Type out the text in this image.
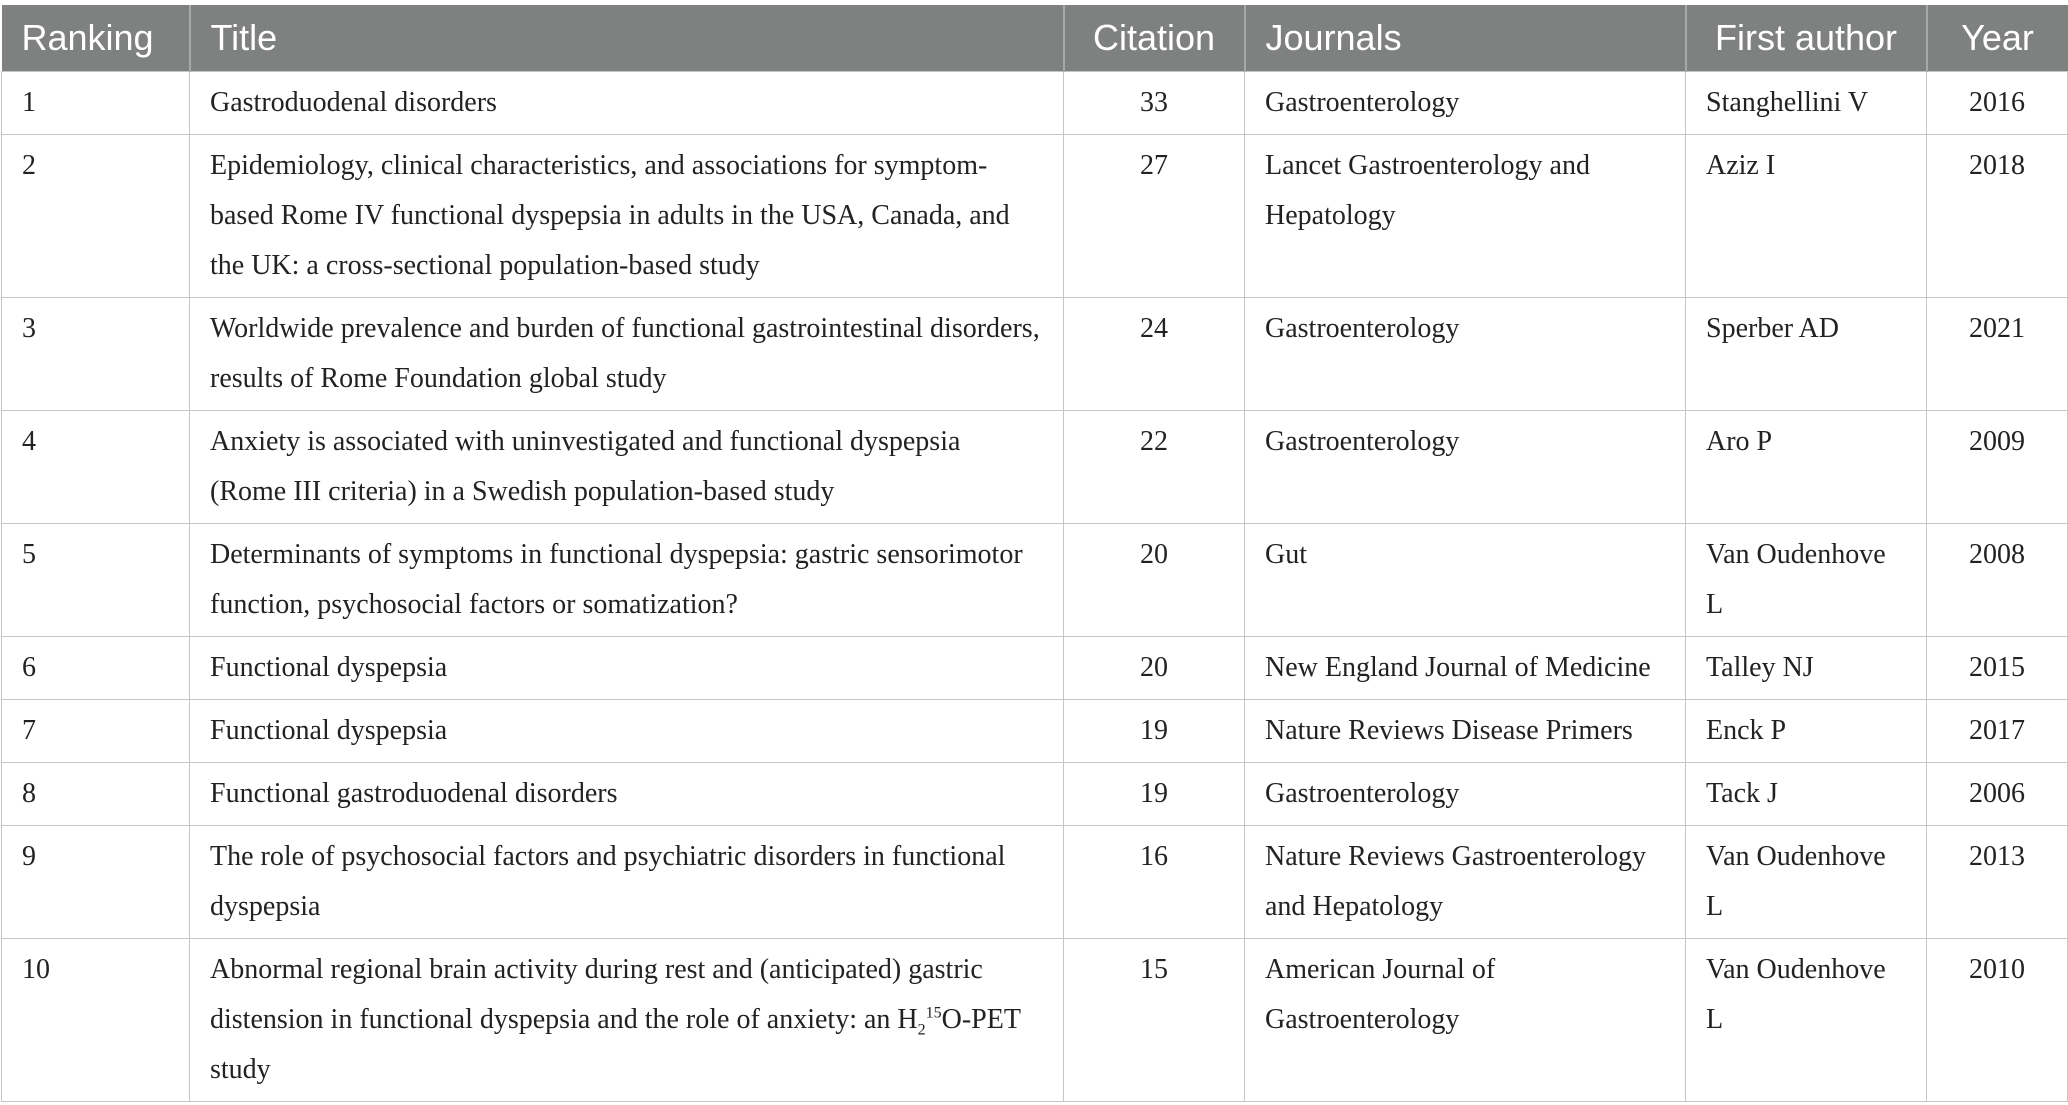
Ranking	Title	Citation	Journals	First author	Year
1	Gastroduodenal disorders	33	Gastroenterology	Stanghellini V	2016
2	Epidemiology, clinical characteristics, and associations for symptom-based Rome IV functional dyspepsia in adults in the USA, Canada, and the UK: a cross-sectional population-based study	27	Lancet Gastroenterology and Hepatology	Aziz I	2018
3	Worldwide prevalence and burden of functional gastrointestinal disorders, results of Rome Foundation global study	24	Gastroenterology	Sperber AD	2021
4	Anxiety is associated with uninvestigated and functional dyspepsia (Rome III criteria) in a Swedish population-based study	22	Gastroenterology	Aro P	2009
5	Determinants of symptoms in functional dyspepsia: gastric sensorimotor function, psychosocial factors or somatization?	20	Gut	Van Oudenhove L	2008
6	Functional dyspepsia	20	New England Journal of Medicine	Talley NJ	2015
7	Functional dyspepsia	19	Nature Reviews Disease Primers	Enck P	2017
8	Functional gastroduodenal disorders	19	Gastroenterology	Tack J	2006
9	The role of psychosocial factors and psychiatric disorders in functional dyspepsia	16	Nature Reviews Gastroenterology and Hepatology	Van Oudenhove L	2013
10	Abnormal regional brain activity during rest and (anticipated) gastric distension in functional dyspepsia and the role of anxiety: an $H_2^{15}O$-PET study	15	American Journal of Gastroenterology	Van Oudenhove L	2010
